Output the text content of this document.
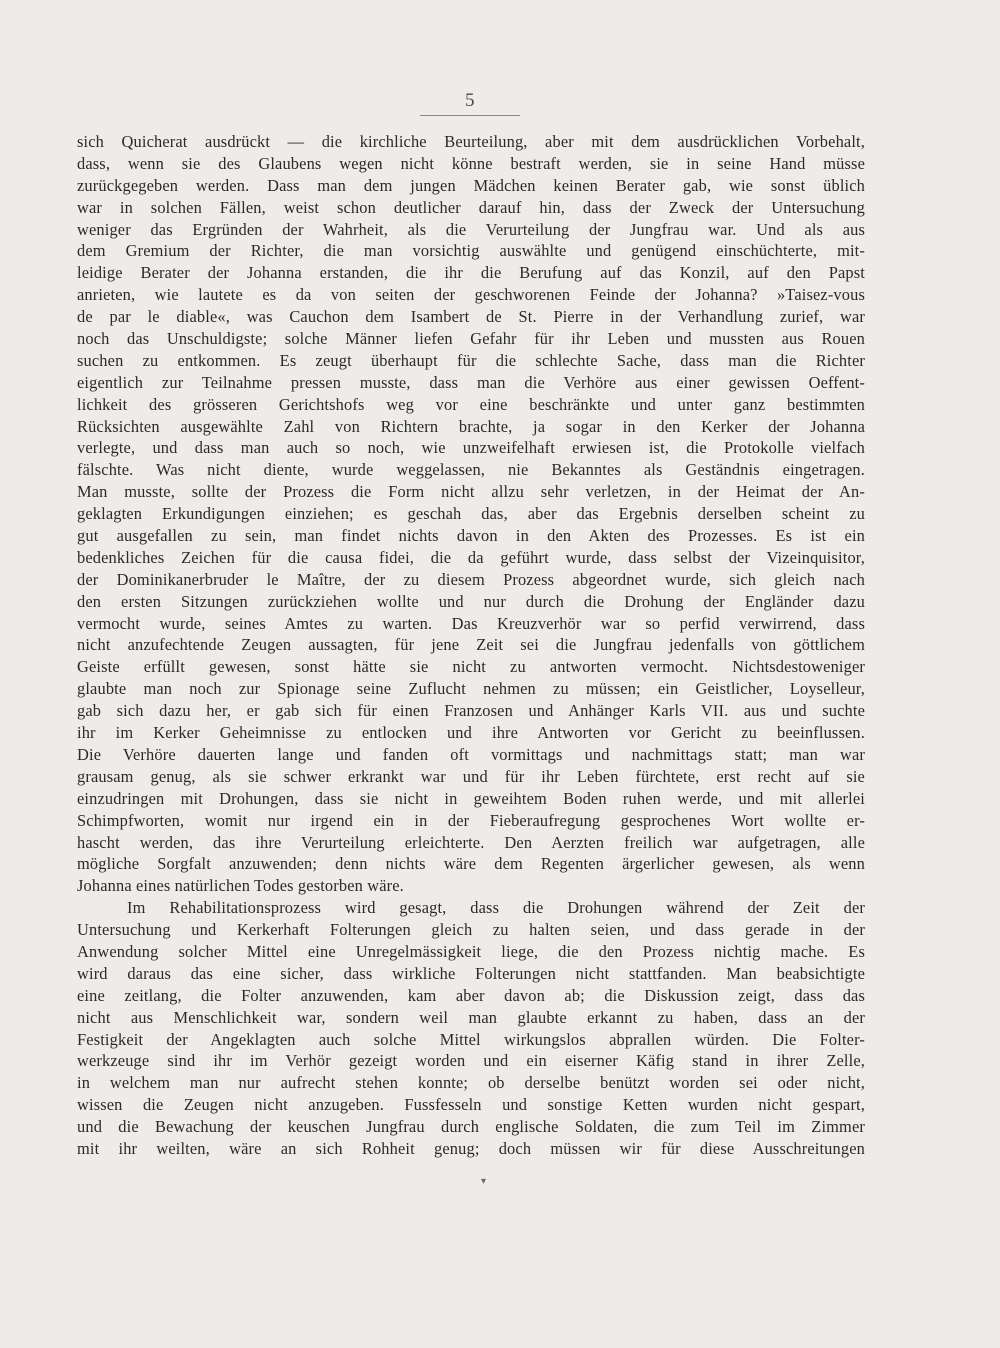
5
sich Quicherat ausdrückt — die kirchliche Beurteilung, aber mit dem ausdrücklichen Vorbehalt,
dass, wenn sie des Glaubens wegen nicht könne bestraft werden, sie in seine Hand müsse
zurückgegeben werden. Dass man dem jungen Mädchen keinen Berater gab, wie sonst üblich
war in solchen Fällen, weist schon deutlicher darauf hin, dass der Zweck der Untersuchung
weniger das Ergründen der Wahrheit, als die Verurteilung der Jungfrau war. Und als aus
dem Gremium der Richter, die man vorsichtig auswählte und genügend einschüchterte, mit-
leidige Berater der Johanna erstanden, die ihr die Berufung auf das Konzil, auf den Papst
anrieten, wie lautete es da von seiten der geschworenen Feinde der Johanna? »Taisez-vous
de par le diable«, was Cauchon dem Isambert de St. Pierre in der Verhandlung zurief, war
noch das Unschuldigste; solche Männer liefen Gefahr für ihr Leben und mussten aus Rouen
suchen zu entkommen. Es zeugt überhaupt für die schlechte Sache, dass man die Richter
eigentlich zur Teilnahme pressen musste, dass man die Verhöre aus einer gewissen Oeffent-
lichkeit des grösseren Gerichtshofs weg vor eine beschränkte und unter ganz bestimmten
Rücksichten ausgewählte Zahl von Richtern brachte, ja sogar in den Kerker der Johanna
verlegte, und dass man auch so noch, wie unzweifelhaft erwiesen ist, die Protokolle vielfach
fälschte. Was nicht diente, wurde weggelassen, nie Bekanntes als Geständnis eingetragen.
Man musste, sollte der Prozess die Form nicht allzu sehr verletzen, in der Heimat der An-
geklagten Erkundigungen einziehen; es geschah das, aber das Ergebnis derselben scheint zu
gut ausgefallen zu sein, man findet nichts davon in den Akten des Prozesses. Es ist ein
bedenkliches Zeichen für die causa fidei, die da geführt wurde, dass selbst der Vizeinquisitor,
der Dominikanerbruder le Maître, der zu diesem Prozess abgeordnet wurde, sich gleich nach
den ersten Sitzungen zurückziehen wollte und nur durch die Drohung der Engländer dazu
vermocht wurde, seines Amtes zu warten. Das Kreuzverhör war so perfid verwirrend, dass
nicht anzufechtende Zeugen aussagten, für jene Zeit sei die Jungfrau jedenfalls von göttlichem
Geiste erfüllt gewesen, sonst hätte sie nicht zu antworten vermocht. Nichtsdestoweniger
glaubte man noch zur Spionage seine Zuflucht nehmen zu müssen; ein Geistlicher, Loyselleur,
gab sich dazu her, er gab sich für einen Franzosen und Anhänger Karls VII. aus und suchte
ihr im Kerker Geheimnisse zu entlocken und ihre Antworten vor Gericht zu beeinflussen.
Die Verhöre dauerten lange und fanden oft vormittags und nachmittags statt; man war
grausam genug, als sie schwer erkrankt war und für ihr Leben fürchtete, erst recht auf sie
einzudringen mit Drohungen, dass sie nicht in geweihtem Boden ruhen werde, und mit allerlei
Schimpfworten, womit nur irgend ein in der Fieberaufregung gesprochenes Wort wollte er-
hascht werden, das ihre Verurteilung erleichterte. Den Aerzten freilich war aufgetragen, alle
mögliche Sorgfalt anzuwenden; denn nichts wäre dem Regenten ärgerlicher gewesen, als wenn
Johanna eines natürlichen Todes gestorben wäre.
Im Rehabilitationsprozess wird gesagt, dass die Drohungen während der Zeit der
Untersuchung und Kerkerhaft Folterungen gleich zu halten seien, und dass gerade in der
Anwendung solcher Mittel eine Unregelmässigkeit liege, die den Prozess nichtig mache. Es
wird daraus das eine sicher, dass wirkliche Folterungen nicht stattfanden. Man beabsichtigte
eine zeitlang, die Folter anzuwenden, kam aber davon ab; die Diskussion zeigt, dass das
nicht aus Menschlichkeit war, sondern weil man glaubte erkannt zu haben, dass an der
Festigkeit der Angeklagten auch solche Mittel wirkungslos abprallen würden. Die Folter-
werkzeuge sind ihr im Verhör gezeigt worden und ein eiserner Käfig stand in ihrer Zelle,
in welchem man nur aufrecht stehen konnte; ob derselbe benützt worden sei oder nicht,
wissen die Zeugen nicht anzugeben. Fussfesseln und sonstige Ketten wurden nicht gespart,
und die Bewachung der keuschen Jungfrau durch englische Soldaten, die zum Teil im Zimmer
mit ihr weilten, wäre an sich Rohheit genug; doch müssen wir für diese Ausschreitungen
▾
